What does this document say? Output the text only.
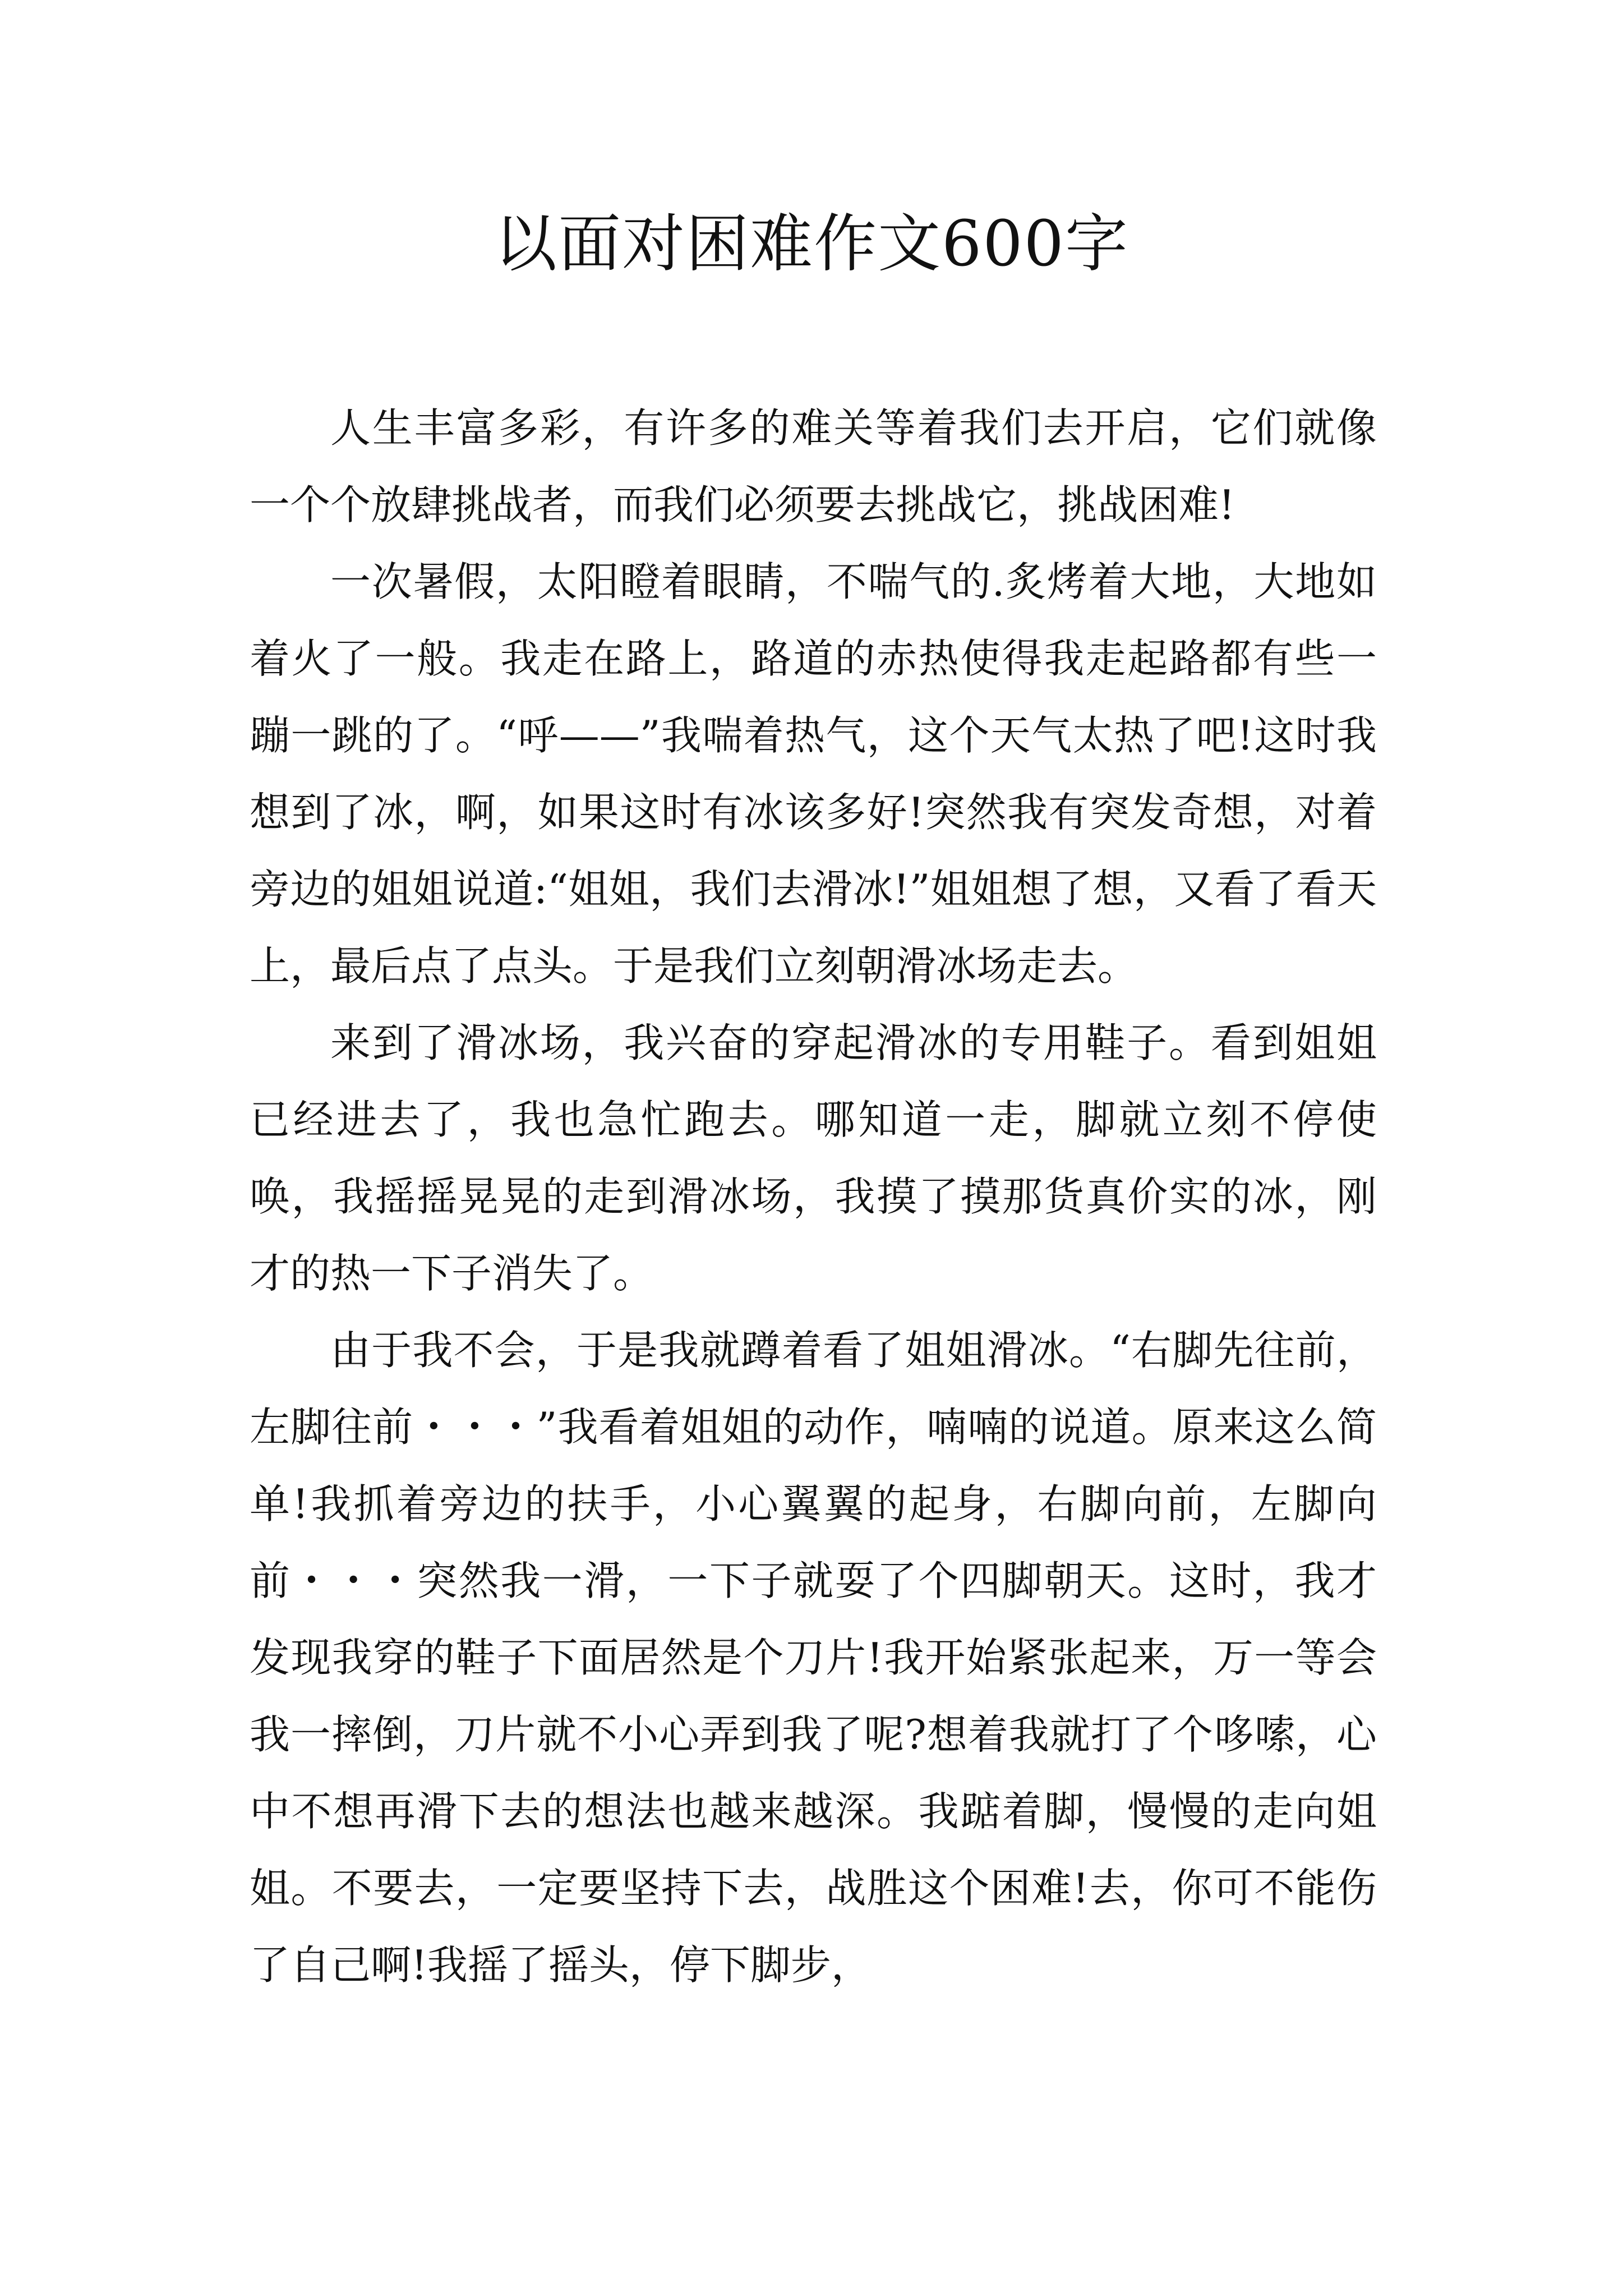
以面对困难作文600字

人生丰富多彩，有许多的难关等着我们去开启，它们就像一个个放肆挑战者，而我们必须要去挑战它，挑战困难!

一次暑假，太阳瞪着眼睛，不喘气的.炙烤着大地，大地如着火了一般。我走在路上，路道的赤热使得我走起路都有些一蹦一跳的了。“呼——”我喘着热气，这个天气太热了吧!这时我想到了冰，啊，如果这时有冰该多好!突然我有突发奇想，对着旁边的姐姐说道:“姐姐，我们去滑冰!”姐姐想了想，又看了看天上，最后点了点头。于是我们立刻朝滑冰场走去。

来到了滑冰场，我兴奋的穿起滑冰的专用鞋子。看到姐姐已经进去了，我也急忙跑去。哪知道一走，脚就立刻不停使唤，我摇摇晃晃的走到滑冰场，我摸了摸那货真价实的冰，刚才的热一下子消失了。

由于我不会，于是我就蹲着看了姐姐滑冰。“右脚先往前，左脚往前・・・”我看着姐姐的动作，喃喃的说道。原来这么简单!我抓着旁边的扶手，小心翼翼的起身，右脚向前，左脚向前・・・突然我一滑，一下子就耍了个四脚朝天。这时，我才发现我穿的鞋子下面居然是个刀片!我开始紧张起来，万一等会我一摔倒，刀片就不小心弄到我了呢?想着我就打了个哆嗦，心中不想再滑下去的想法也越来越深。我踮着脚，慢慢的走向姐姐。不要去，一定要坚持下去，战胜这个困难!去，你可不能伤了自己啊!我摇了摇头，停下脚步，
